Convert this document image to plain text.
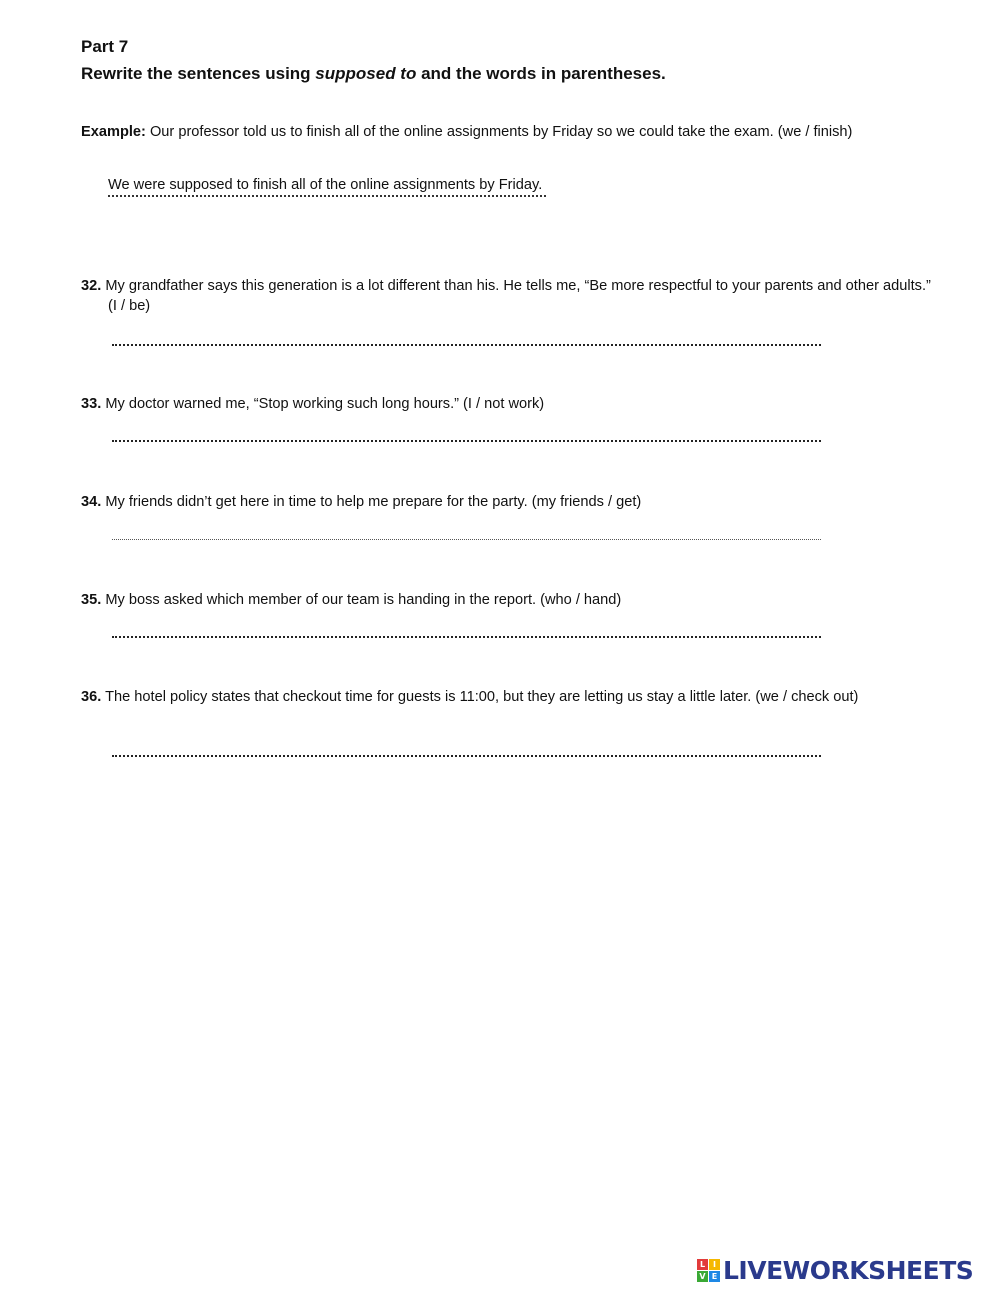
Part 7
Rewrite the sentences using supposed to and the words in parentheses.
Example: Our professor told us to finish all of the online assignments by Friday so we could take the exam. (we / finish)
We were supposed to finish all of the online assignments by Friday.
32. My grandfather says this generation is a lot different than his. He tells me, “Be more respectful to your parents and other adults.” (I / be)
33. My doctor warned me, “Stop working such long hours.” (I / not work)
34. My friends didn’t get here in time to help me prepare for the party. (my friends / get)
35. My boss asked which member of our team is handing in the report. (who / hand)
36. The hotel policy states that checkout time for guests is 11:00, but they are letting us stay a little later. (we / check out)
L I
V E LIVEWORKSHEETS
